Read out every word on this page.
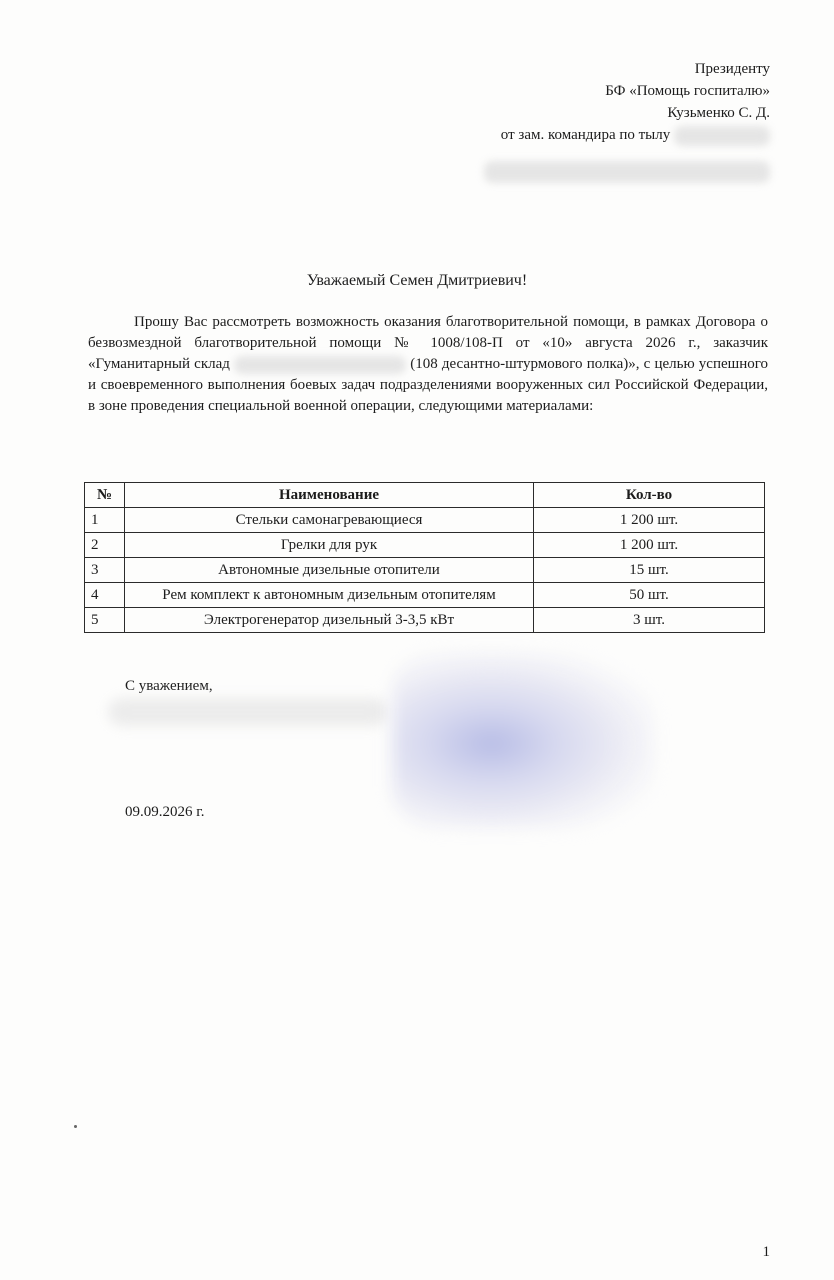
Президенту
БФ «Помощь госпиталю»
Кузьменко С. Д.
от зам. командира по тылу
Уважаемый Семен Дмитриевич!
Прошу Вас рассмотреть возможность оказания благотворительной помощи, в рамках Договора о безвозмездной благотворительной помощи № 1008/108-П от «10» августа 2026 г., заказчик «Гуманитарный склад	(108 десантно-штурмового полка)», с целью успешного и своевременного выполнения боевых задач подразделениями вооруженных сил Российской Федерации, в зоне проведения специальной военной операции, следующими материалами:
№	Наименование	Кол-во
1	Стельки самонагревающиеся	1 200 шт.
2	Грелки для рук	1 200 шт.
3	Автономные дизельные отопители	15 шт.
4	Рем комплект к автономным дизельным отопителям	50 шт.
5	Электрогенератор дизельный 3-3,5 кВт	3 шт.
С уважением,
09.09.2026 г.
1
